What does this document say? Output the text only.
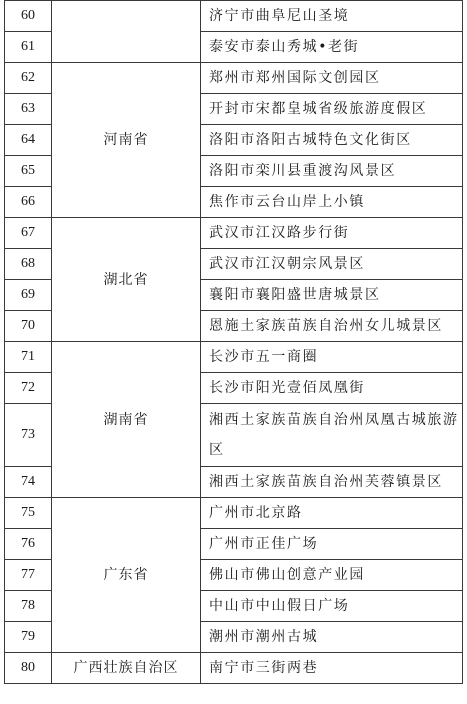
60		济宁市曲阜尼山圣境
61		泰安市泰山秀城•老街
62	河南省	郑州市郑州国际文创园区
63		开封市宋都皇城省级旅游度假区
64		洛阳市洛阳古城特色文化街区
65		洛阳市栾川县重渡沟风景区
66		焦作市云台山岸上小镇
67	湖北省	武汉市江汉路步行街
68		武汉市江汉朝宗风景区
69		襄阳市襄阳盛世唐城景区
70		恩施土家族苗族自治州女儿城景区
71	湖南省	长沙市五一商圈
72		长沙市阳光壹佰凤凰街
73		湘西土家族苗族自治州凤凰古城旅游区
74		湘西土家族苗族自治州芙蓉镇景区
75	广东省	广州市北京路
76		广州市正佳广场
77		佛山市佛山创意产业园
78		中山市中山假日广场
79		潮州市潮州古城
80	广西壮族自治区	南宁市三街两巷
